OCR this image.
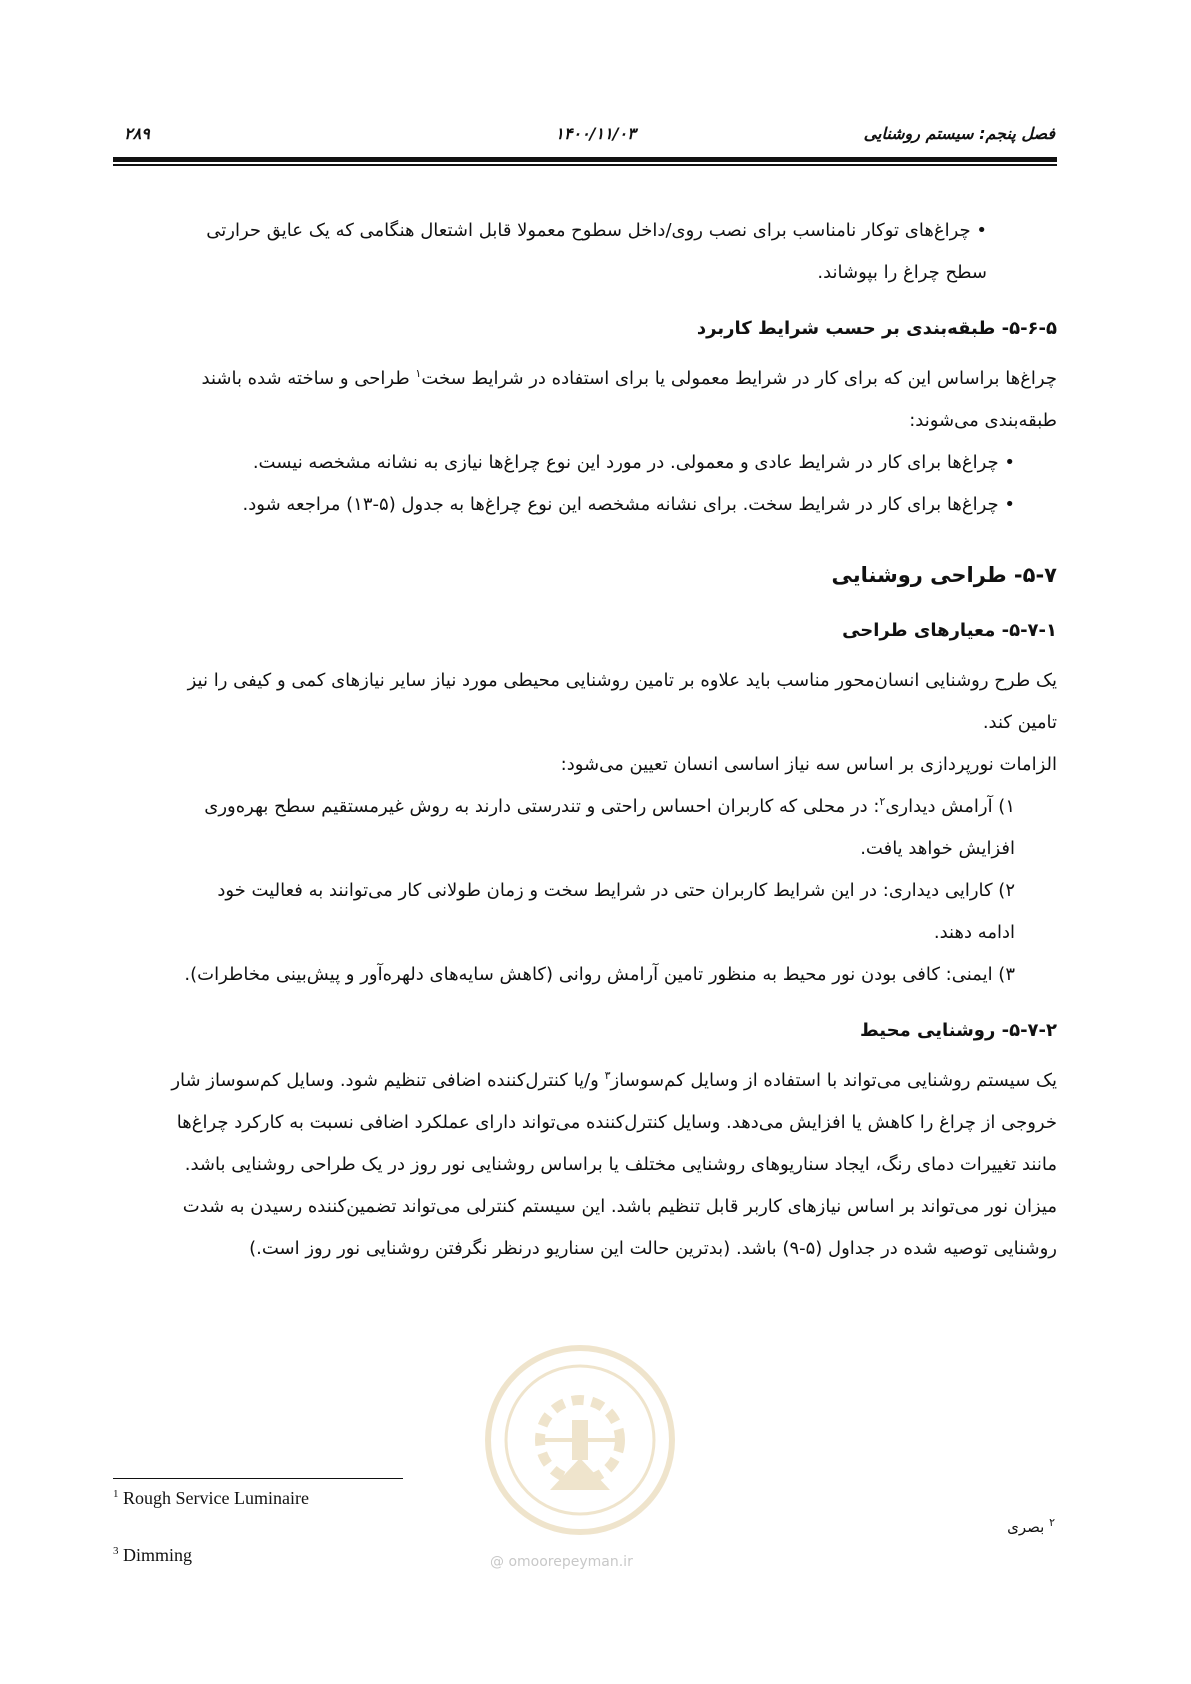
فصل پنجم: سیستم روشنایی
۱۴۰۰/۱۱/۰۳
۲۸۹

• چراغ‌های توکار نامناسب برای نصب روی/داخل سطوح معمولا قابل اشتعال هنگامی که یک عایق حرارتی

سطح چراغ را بپوشاند.

۵-۶-۵- طبقه‌بندی بر حسب شرایط کاربرد

چراغ‌ها براساس این که برای کار در شرایط معمولی یا برای استفاده در شرایط سخت$^۱$ طراحی و ساخته شده باشند

طبقه‌بندی می‌شوند:

• چراغ‌ها برای کار در شرایط عادی و معمولی. در مورد این نوع چراغ‌ها نیازی به نشانه مشخصه نیست.

• چراغ‌ها برای کار در شرایط سخت. برای نشانه مشخصه این نوع چراغ‌ها به جدول (۵-۱۳) مراجعه شود.

۵-۷- طراحی روشنایی
۵-۷-۱- معیارهای طراحی

یک طرح روشنایی انسان‌محور مناسب باید علاوه بر تامین روشنایی محیطی مورد نیاز سایر نیازهای کمی و کیفی را نیز

تامین کند.

الزامات نورپردازی بر اساس سه نیاز اساسی انسان تعیین می‌شود:

۱) آرامش دیداری$^۲$: در محلی که کاربران احساس راحتی و تندرستی دارند به روش غیرمستقیم سطح بهره‌وری

افزایش خواهد یافت.

۲) کارایی دیداری: در این شرایط کاربران حتی در شرایط سخت و زمان طولانی کار می‌توانند به فعالیت خود

ادامه دهند.

۳) ایمنی: کافی بودن نور محیط به منظور تامین آرامش روانی (کاهش سایه‌های دلهره‌آور و پیش‌بینی مخاطرات).

۵-۷-۲- روشنایی محیط

یک سیستم روشنایی می‌تواند با استفاده از وسایل کم‌سوساز$^۳$ و/یا کنترل‌کننده اضافی تنظیم شود. وسایل کم‌سوساز شار

خروجی از چراغ را کاهش یا افزایش می‌دهد. وسایل کنترل‌کننده می‌تواند دارای عملکرد اضافی نسبت به کارکرد چراغ‌ها

مانند تغییرات دمای رنگ، ایجاد سناریوهای روشنایی مختلف یا براساس روشنایی نور روز در یک طراحی روشنایی باشد.

میزان نور می‌تواند بر اساس نیازهای کاربر قابل تنظیم باشد. این سیستم کنترلی می‌تواند تضمین‌کننده رسیدن به شدت

روشنایی توصیه شده در جداول (۵-۹) باشد. (بدترین حالت این سناریو درنظر نگرفتن روشنایی نور روز است.)

@ omoorepeyman.ir
$^1$ Rough Service Luminaire
$^۲$ بصری
$^3$ Dimming
